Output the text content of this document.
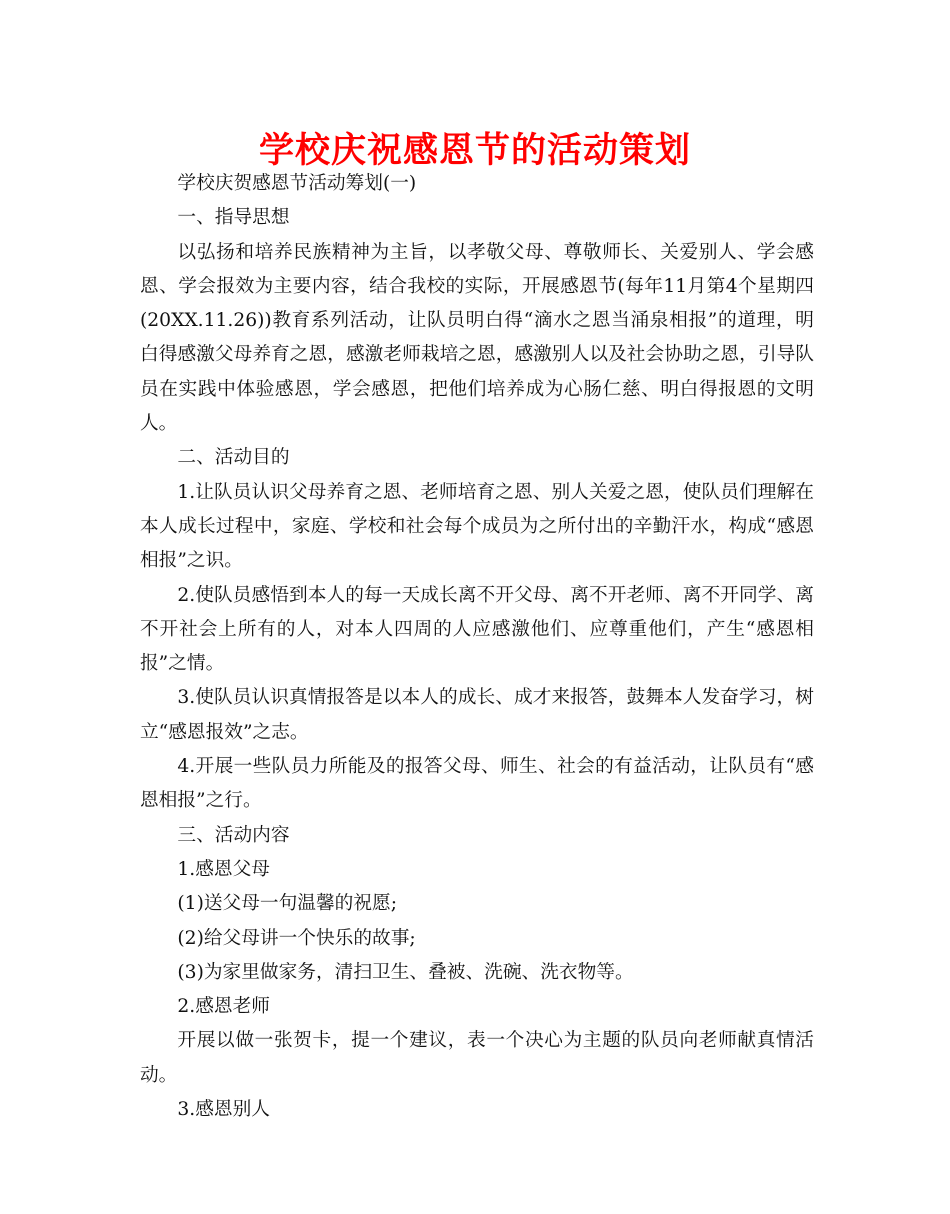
学校庆祝感恩节的活动策划

学校庆贺感恩节活动筹划(一)

一、指导思想

以弘扬和培养民族精神为主旨，以孝敬父母、尊敬师长、关爱别人、学会感恩、学会报效为主要内容，结合我校的实际，开展感恩节(每年11月第4个星期四(20XX.11.26))教育系列活动，让队员明白得“滴水之恩当涌泉相报”的道理，明白得感激父母养育之恩，感激老师栽培之恩，感激别人以及社会协助之恩，引导队员在实践中体验感恩，学会感恩，把他们培养成为心肠仁慈、明白得报恩的文明人。

二、活动目的

1.让队员认识父母养育之恩、老师培育之恩、别人关爱之恩，使队员们理解在本人成长过程中，家庭、学校和社会每个成员为之所付出的辛勤汗水，构成“感恩相报”之识。

2.使队员感悟到本人的每一天成长离不开父母、离不开老师、离不开同学、离不开社会上所有的人，对本人四周的人应感激他们、应尊重他们，产生“感恩相报”之情。

3.使队员认识真情报答是以本人的成长、成才来报答，鼓舞本人发奋学习，树立“感恩报效”之志。

4.开展一些队员力所能及的报答父母、师生、社会的有益活动，让队员有“感恩相报”之行。

三、活动内容

1.感恩父母

(1)送父母一句温馨的祝愿;

(2)给父母讲一个快乐的故事;

(3)为家里做家务，清扫卫生、叠被、洗碗、洗衣物等。

2.感恩老师

开展以做一张贺卡，提一个建议，表一个决心为主题的队员向老师献真情活动。

3.感恩别人
